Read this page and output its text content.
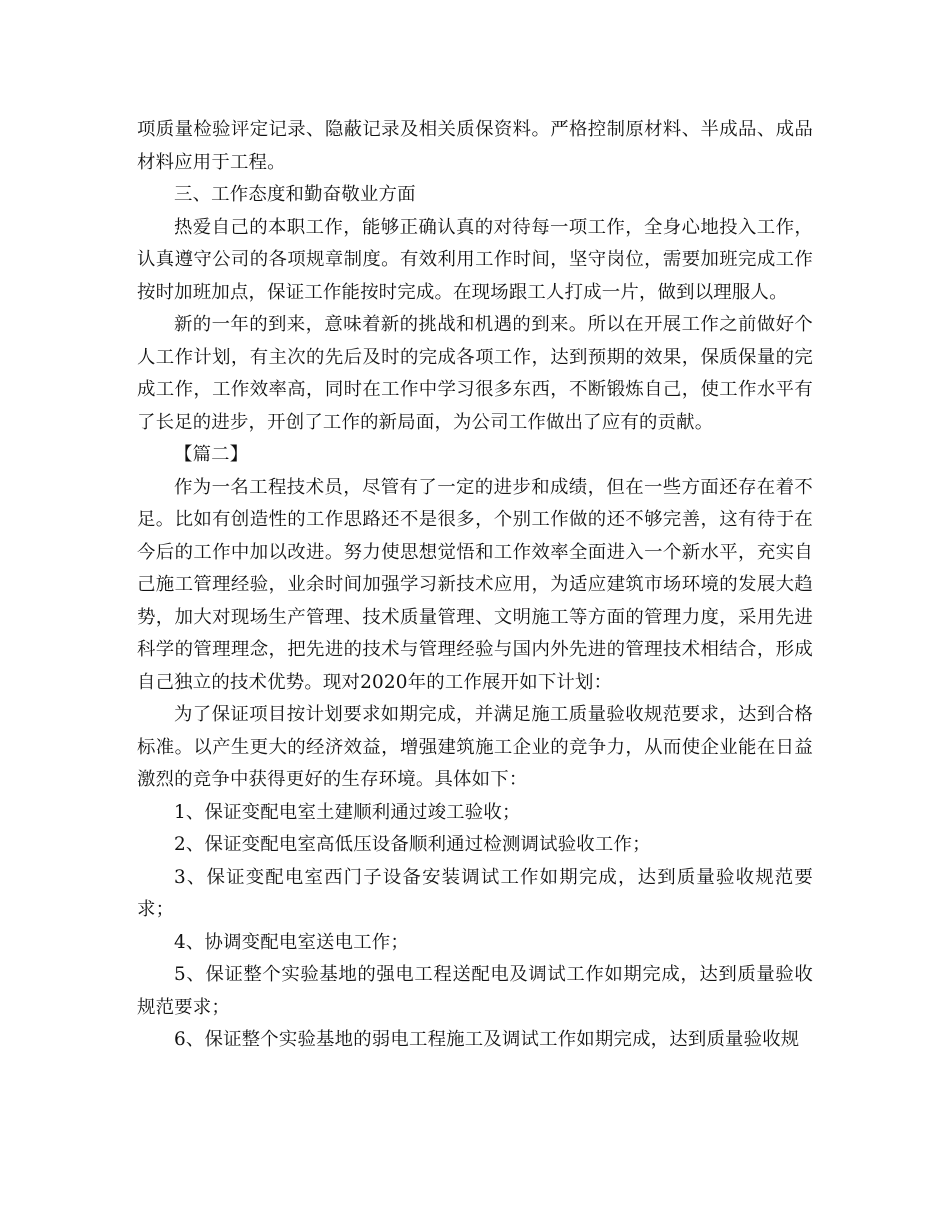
项质量检验评定记录、隐蔽记录及相关质保资料。严格控制原材料、半成品、成品材料应用于工程。

三、工作态度和勤奋敬业方面

热爱自己的本职工作，能够正确认真的对待每一项工作，全身心地投入工作，认真遵守公司的各项规章制度。有效利用工作时间，坚守岗位，需要加班完成工作按时加班加点，保证工作能按时完成。在现场跟工人打成一片，做到以理服人。

新的一年的到来，意味着新的挑战和机遇的到来。所以在开展工作之前做好个人工作计划，有主次的先后及时的完成各项工作，达到预期的效果，保质保量的完成工作，工作效率高，同时在工作中学习很多东西，不断锻炼自己，使工作水平有了长足的进步，开创了工作的新局面，为公司工作做出了应有的贡献。

【篇二】

作为一名工程技术员，尽管有了一定的进步和成绩，但在一些方面还存在着不足。比如有创造性的工作思路还不是很多，个别工作做的还不够完善，这有待于在今后的工作中加以改进。努力使思想觉悟和工作效率全面进入一个新水平，充实自己施工管理经验，业余时间加强学习新技术应用，为适应建筑市场环境的发展大趋势，加大对现场生产管理、技术质量管理、文明施工等方面的管理力度，采用先进科学的管理理念，把先进的技术与管理经验与国内外先进的管理技术相结合，形成自己独立的技术优势。现对2020年的工作展开如下计划：

为了保证项目按计划要求如期完成，并满足施工质量验收规范要求，达到合格标准。以产生更大的经济效益，增强建筑施工企业的竞争力，从而使企业能在日益激烈的竞争中获得更好的生存环境。具体如下：

1、保证变配电室土建顺利通过竣工验收；

2、保证变配电室高低压设备顺利通过检测调试验收工作；

3、保证变配电室西门子设备安装调试工作如期完成，达到质量验收规范要求；

4、协调变配电室送电工作；

5、保证整个实验基地的强电工程送配电及调试工作如期完成，达到质量验收规范要求；

6、保证整个实验基地的弱电工程施工及调试工作如期完成，达到质量验收规
